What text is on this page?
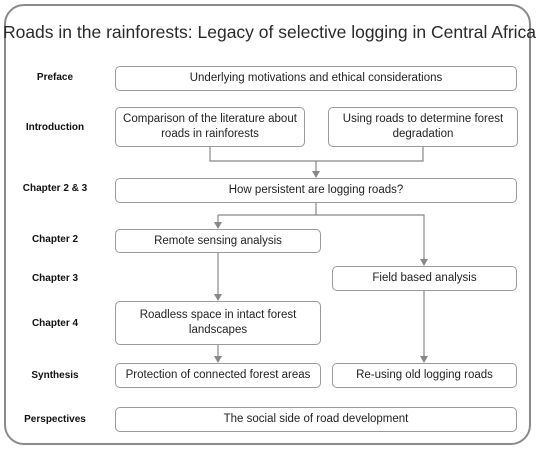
Roads in the rainforests: Legacy of selective logging in Central Africa
Preface
Introduction
Chapter 2 & 3
Chapter 2
Chapter 3
Chapter 4
Synthesis
Perspectives
Underlying motivations and ethical considerations
Comparison of the literature about roads in rainforests
Using roads to determine forest degradation
How persistent are logging roads?
Remote sensing analysis
Field based analysis
Roadless space in intact forest landscapes
Protection of connected forest areas	Re-using old logging roads
The social side of road development
